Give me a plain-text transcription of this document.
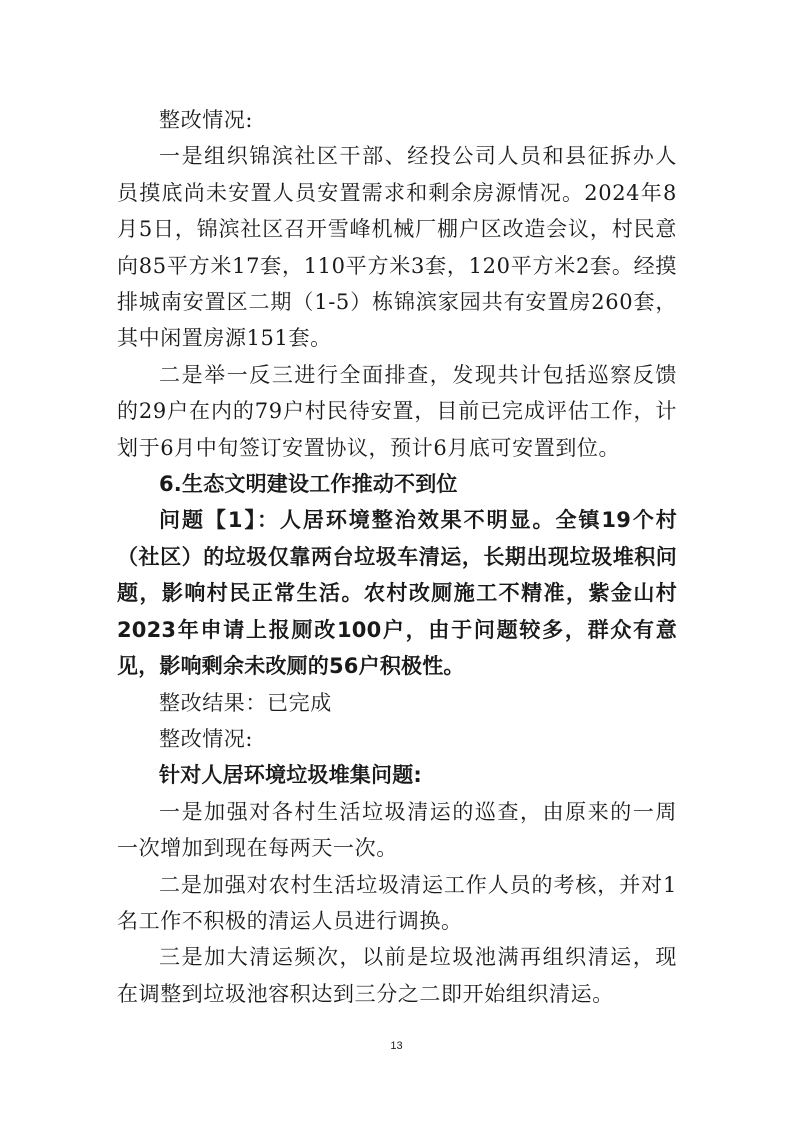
整改情况:

一是组织锦滨社区干部、经投公司人员和县征拆办人员摸底尚未安置人员安置需求和剩余房源情况。2024年8月5日，锦滨社区召开雪峰机械厂棚户区改造会议，村民意向85平方米17套，110平方米3套，120平方米2套。经摸排城南安置区二期（1-5）栋锦滨家园共有安置房260套，其中闲置房源151套。

二是举一反三进行全面排查，发现共计包括巡察反馈的29户在内的79户村民待安置，目前已完成评估工作，计划于6月中旬签订安置协议，预计6月底可安置到位。

6.生态文明建设工作推动不到位

问题【1】：人居环境整治效果不明显。全镇19个村（社区）的垃圾仅靠两台垃圾车清运，长期出现垃圾堆积问题，影响村民正常生活。农村改厕施工不精准，紫金山村2023年申请上报厕改100户，由于问题较多，群众有意见，影响剩余未改厕的56户积极性。

整改结果：已完成

整改情况:

针对人居环境垃圾堆集问题:

一是加强对各村生活垃圾清运的巡查，由原来的一周一次增加到现在每两天一次。

二是加强对农村生活垃圾清运工作人员的考核，并对1名工作不积极的清运人员进行调换。

三是加大清运频次，以前是垃圾池满再组织清运，现在调整到垃圾池容积达到三分之二即开始组织清运。

13
